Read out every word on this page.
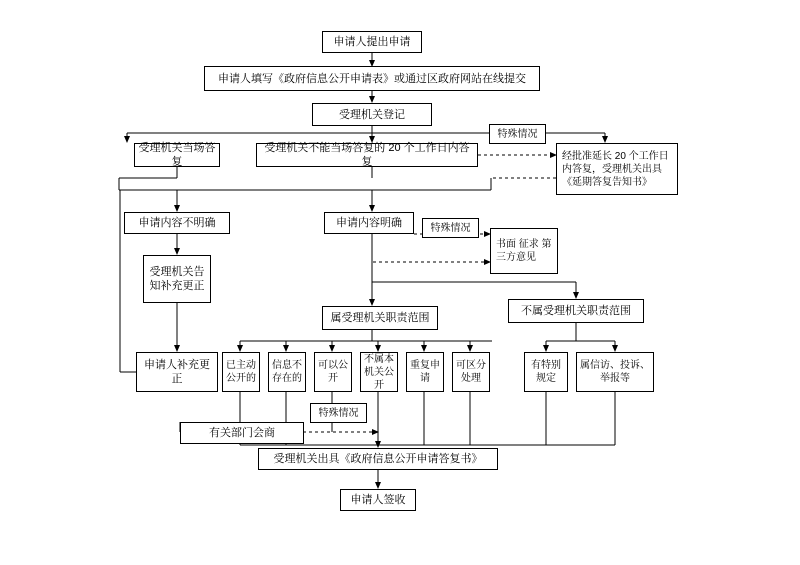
申请人提出申请
申请人填写《政府信息公开申请表》或通过区政府网站在线提交
受理机关登记
受理机关当场答复
受理机关不能当场答复的 20 个工作日内答复
特殊情况
经批准延长 20 个工作日内答复，受理机关出具《延期答复告知书》
申请内容不明确	申请内容明确	特殊情况
书面 征求 第三方意见
受理机关告知补充更正
属受理机关职责范围
不属受理机关职责范围
申请人补充更正
已主动公开的
信息不存在的
可以公开
不属本机关公开
重复申请
可区分处理
有特别规定
属信访、投诉、举报等
特殊情况
有关部门会商
受理机关出具《政府信息公开申请答复书》
申请人签收
